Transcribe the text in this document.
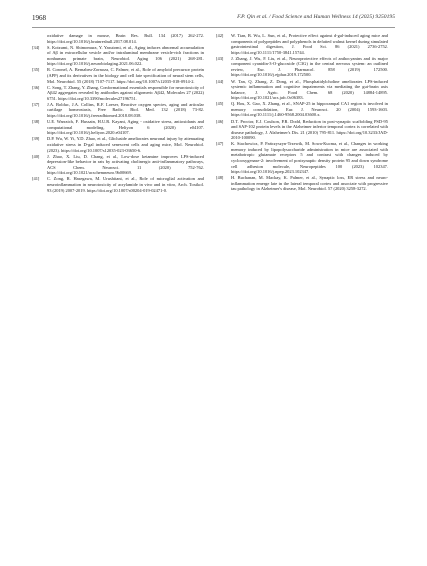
1968	F.P. Qin et al. / Food Science and Human Wellness 14 (2025) 9250195
oxidative damage in mouse, Brain Res. Bull. 134 (2017) 262-272. https://doi.org/10.1016/j.brainresbull.2017.08.014.
[34]	S. Koizumi, N. Shimomura, Y. Yasutomi, et al., Aging induces abnormal accumulation of Aβ in extracellular vesicle and/or intraluminal membrane vesicle-rich fractions in nonhuman primate brain, Neurobiol. Aging 106 (2021) 268-281. https://doi.org/10.1016/j.neurobiolaging.2021.06.022.
[35]	R. Coronel, A. Bernabeu-Zornoza, C. Palmer, et al., Role of amyloid precursor protein (APP) and its derivatives in the biology and cell fate specification of neural stem cells, Mol. Neurobiol. 55 (2018) 7107-7117. https://doi.org/10.1007/s12035-018-0914-2.
[36]	C. Song, T. Zhang, Y. Zhang, Conformational essentials responsible for neurotoxicity of Aβ42 aggregates revealed by antibodies against oligomeric Aβ42, Molecules 27 (2022) 6751. https://doi.org/10.3390/molecules27196751.
[37]	J.A. Bolduc, J.A. Collins, R.F. Loeser, Reactive oxygen species, aging and articular cartilage homeostasis, Free Radic. Biol. Med. 132 (2018) 73-82. https://doi.org/10.1016/j.freeradbiomed.2018.08.038.
[38]	U.E. Warraich, F. Hussain, H.U.R. Kayani, Aging - oxidative stress, antioxidants and computational modeling, Heliyon 6 (2020) e04107. https://doi.org/10.1016/j.heliyon.2020.e04107.
[39]	D.P. Wu, W. Yi, Y.D. Zhao, et al., Glicluside ameliorates neuronal injury by attenuating oxidative stress in D-gal induced senescent cells and aging mice, Mol. Neurobiol. (2023). https://doi.org/10.1007/s12035-023-03650-6.
[40]	J. Zhao, X. Liu, D. Chang, et al., Low-dose ketamine improves LPS-induced depression-like behavior in rats by activating cholinergic anti-inflammatory pathways, ACS Chem. Neurosci. 11 (2020) 752-762. https://doi.org/10.1021/acschemneuro.9b00669.
[41]	C. Zong, R. Hasegawa, M. Urushitani, et al., Role of microglial activation and neuroinflammation in neurotoxicity of acrylamide in vivo and in vitro, Arch. Toxikol. 93 (2019) 2007-2019. https://doi.org/10.1007/s00204-019-02471-0.
[42]	W. Tian, B. Wu, L. Sun, et al., Protective effect against d-gal-induced aging mice and components of polypeptides and polyphenols in defatted walnut kernel during simulated gastrointestinal digestion, J. Food Sci. 86 (2021) 2736-2752. https://doi.org/10.1111/1750-3841.15744.
[43]	J. Zhang, J. Wu, F. Liu, et al., Neuroprotective effects of anthocyanins and its major component cyanidin-3-O-glucoside (C3G) in the central nervous system: an outlined review, Eur. J. Pharmacol. 858 (2019) 172500. https://doi.org/10.1016/j.ejphar.2019.172500.
[44]	W. Tan, Q. Zhang, Z. Dong, et al., Phosphatidylcholine ameliorates LPS-induced systemic inflammation and cognitive impairments via mediating the gut-brain axis balance, J. Agric. Food Chem. 68 (2020) 14884-14895. https://doi.org/10.1021/acs.jafc.0c06383.
[45]	Q. Hou, X. Gao, X. Zhang, et al., SNAP-25 in hippocampal CA1 region is involved in memory consolidation, Eur. J. Neurosci. 20 (2004) 1593-1603. https://doi.org/10.1111/j.1460-9568.2004.03600.x.
[46]	D.T. Proctor, E.J. Coulson, P.R. Dodd, Reduction in post-synaptic scaffolding PSD-95 and SAP-102 protein levels in the Alzheimer inferior temporal cortex is correlated with disease pathology, J. Alzheimer's Dis. 21 (2010) 795-811. https://doi.org/10.3233/JAD-2010-100090.
[47]	K. Stachowicz, P. Pańczyszyn-Trzewik, M. Sowa-Kucma, et al., Changes in working memory induced by lipopolysaccharide administration in mice are associated with metabotropic glutamate receptors 5 and contrast with changes induced by cyclooxygenase-2: involvement of postsynaptic density protein 95 and down syndrome cell adhesion molecule, Neuropeptides 100 (2023) 102347. https://doi.org/10.1016/j.npep.2023.102347.
[48]	H. Buchanan, M. Mackay, K. Palmer, et al., Synaptic loss, ER stress and neuro-inflammation emerge late in the lateral temporal cortex and associate with progressive tau pathology in Alzheimer's disease, Mol. Neurobiol. 57 (2020) 3258-3272.
